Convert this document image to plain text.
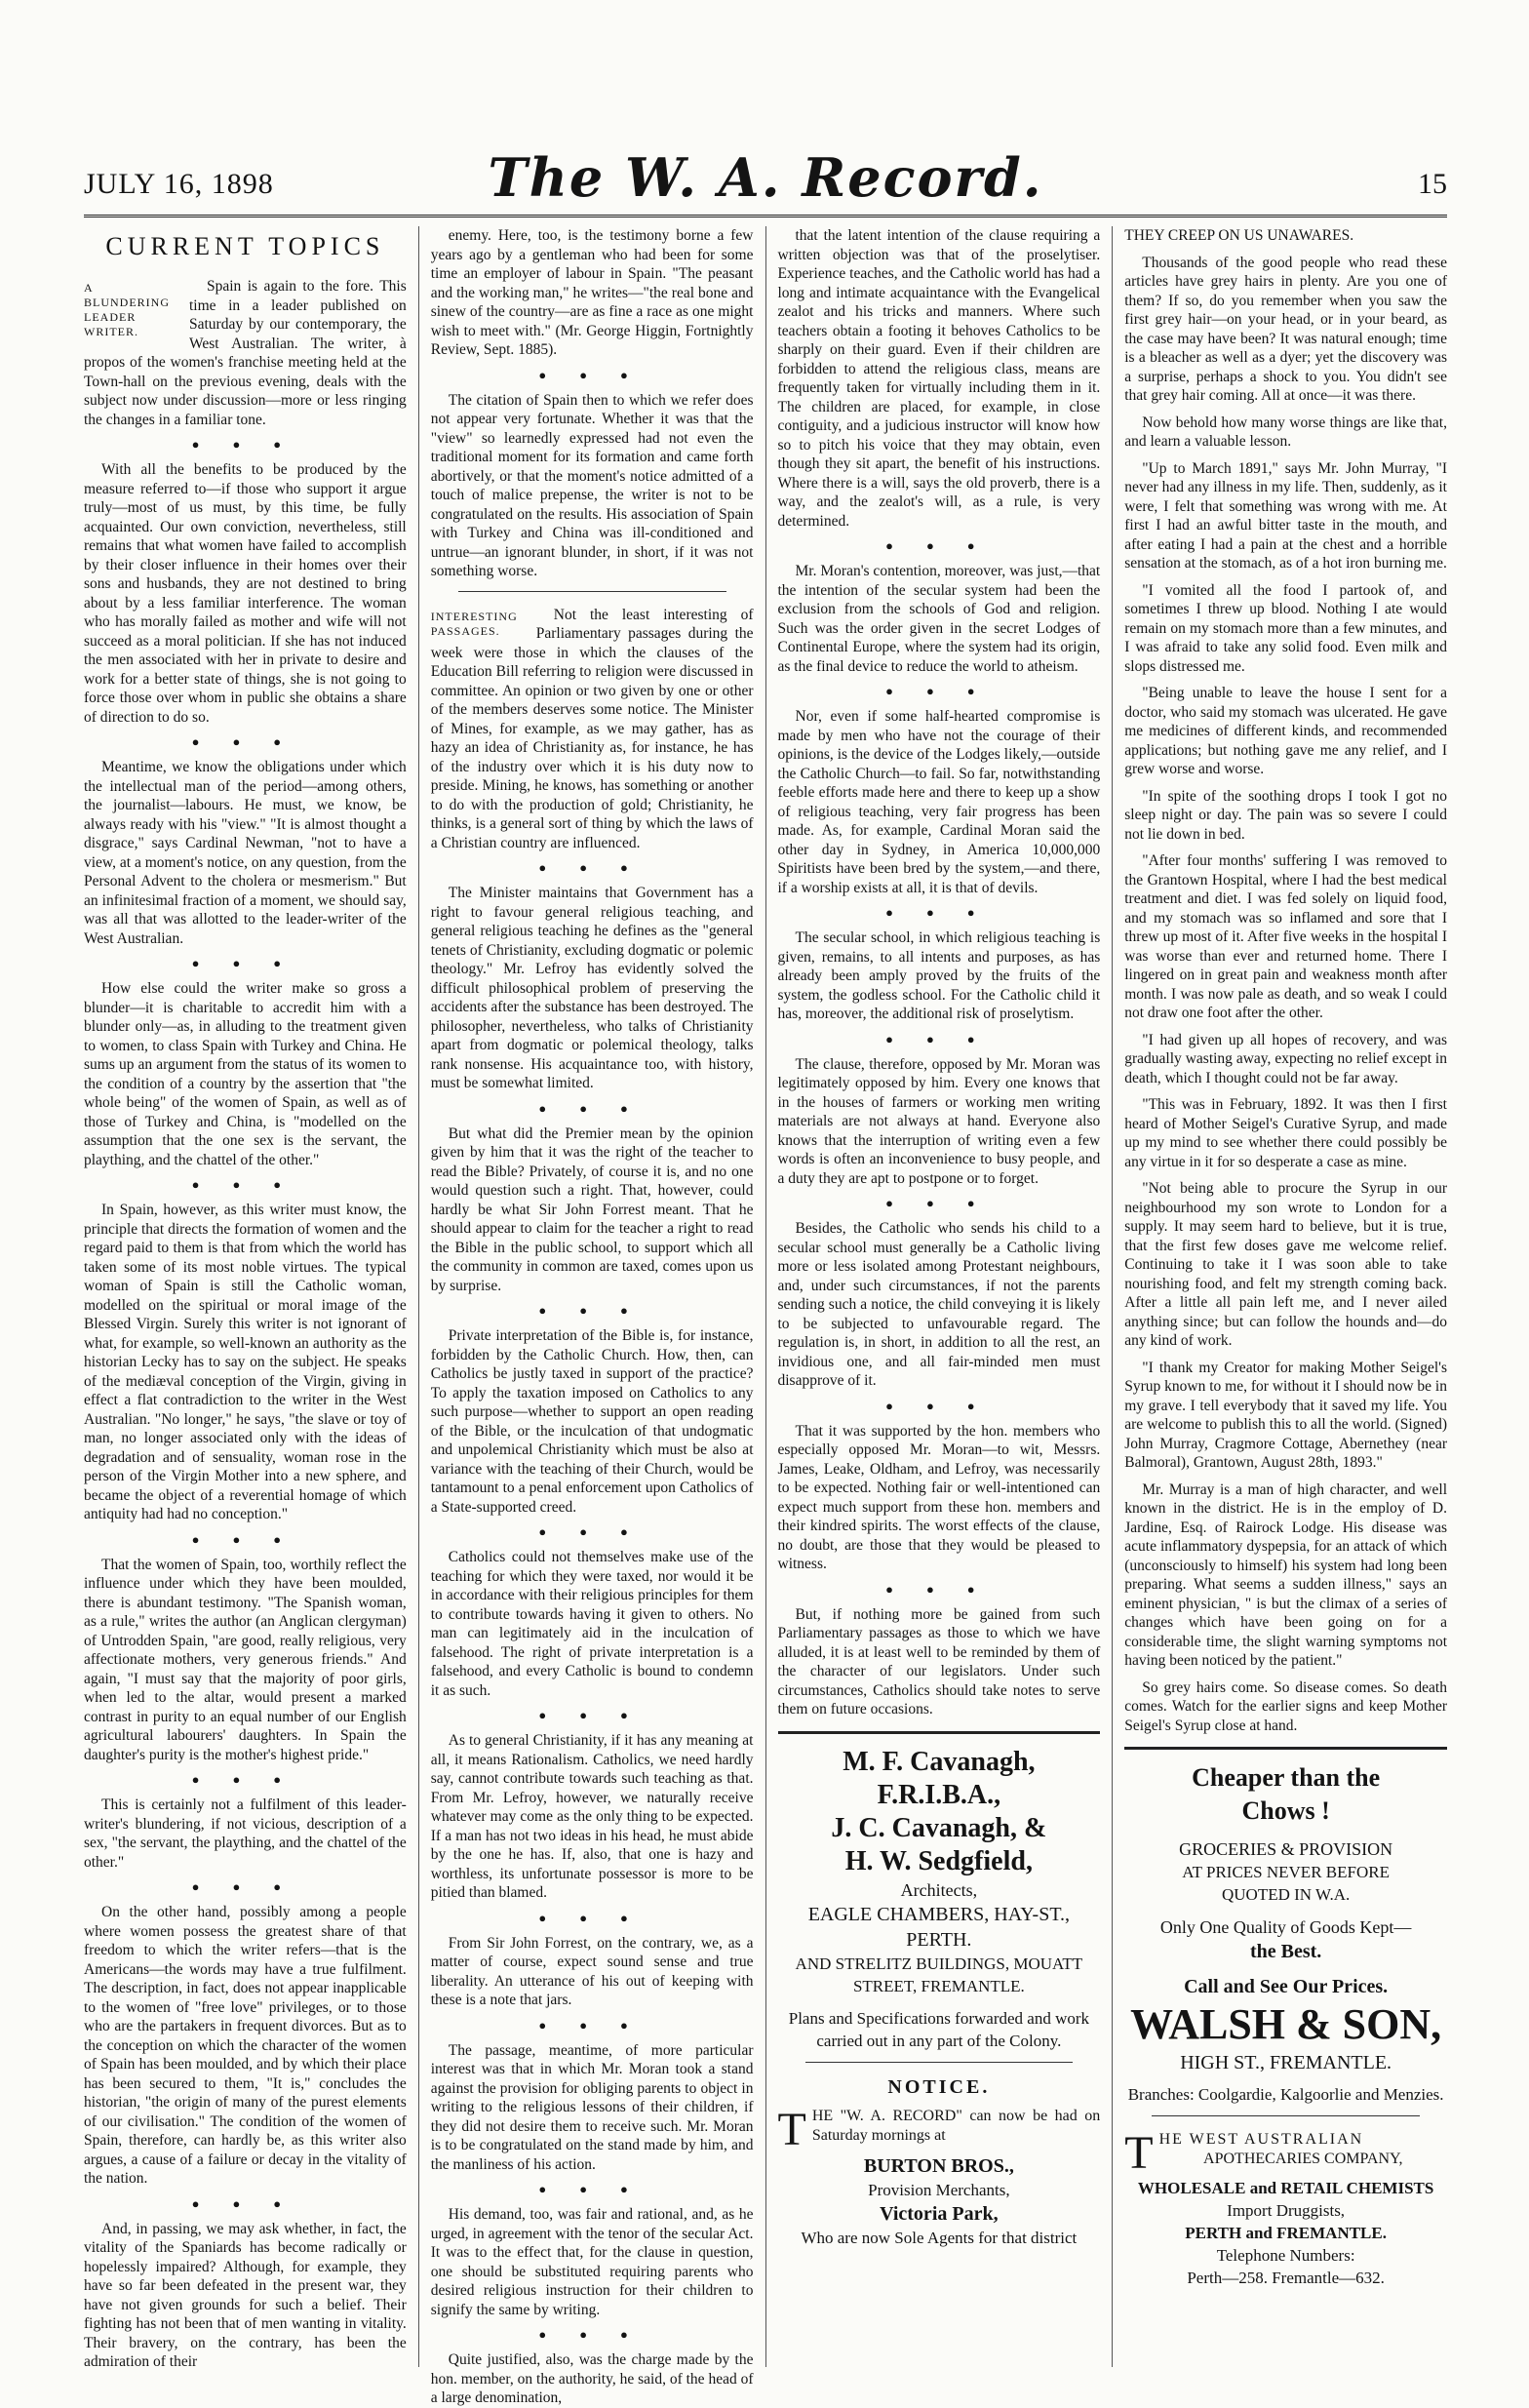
JULY 16, 1898	The W. A. Record.	15
CURRENT TOPICS
A BLUNDERING LEADER WRITER.

Spain is again to the fore. This time in a leader published on Saturday by our contemporary, the West Australian. The writer, à propos of the women's franchise meeting held at the Town-hall on the previous evening, deals with the subject now under discussion—more or less ringing the changes in a familiar tone.

●●●

With all the benefits to be produced by the measure referred to—if those who support it argue truly—most of us must, by this time, be fully acquainted. Our own conviction, nevertheless, still remains that what women have failed to accomplish by their closer influence in their homes over their sons and husbands, they are not destined to bring about by a less familiar interference. The woman who has morally failed as mother and wife will not succeed as a moral politician. If she has not induced the men associated with her in private to desire and work for a better state of things, she is not going to force those over whom in public she obtains a share of direction to do so.

●●●

Meantime, we know the obligations under which the intellectual man of the period—among others, the journalist—labours. He must, we know, be always ready with his "view." "It is almost thought a disgrace," says Cardinal Newman, "not to have a view, at a moment's notice, on any question, from the Personal Advent to the cholera or mesmerism." But an infinitesimal fraction of a moment, we should say, was all that was allotted to the leader-writer of the West Australian.

●●●

How else could the writer make so gross a blunder—it is charitable to accredit him with a blunder only—as, in alluding to the treatment given to women, to class Spain with Turkey and China. He sums up an argument from the status of its women to the condition of a country by the assertion that "the whole being" of the women of Spain, as well as of those of Turkey and China, is "modelled on the assumption that the one sex is the servant, the plaything, and the chattel of the other."

●●●

In Spain, however, as this writer must know, the principle that directs the formation of women and the regard paid to them is that from which the world has taken some of its most noble virtues. The typical woman of Spain is still the Catholic woman, modelled on the spiritual or moral image of the Blessed Virgin. Surely this writer is not ignorant of what, for example, so well-known an authority as the historian Lecky has to say on the subject. He speaks of the mediæval conception of the Virgin, giving in effect a flat contradiction to the writer in the West Australian. "No longer," he says, "the slave or toy of man, no longer associated only with the ideas of degradation and of sensuality, woman rose in the person of the Virgin Mother into a new sphere, and became the object of a reverential homage of which antiquity had had no conception."

●●●

That the women of Spain, too, worthily reflect the influence under which they have been moulded, there is abundant testimony. "The Spanish woman, as a rule," writes the author (an Anglican clergyman) of Untrodden Spain, "are good, really religious, very affectionate mothers, very generous friends." And again, "I must say that the majority of poor girls, when led to the altar, would present a marked contrast in purity to an equal number of our English agricultural labourers' daughters. In Spain the daughter's purity is the mother's highest pride."

●●●

This is certainly not a fulfilment of this leader-writer's blundering, if not vicious, description of a sex, "the servant, the plaything, and the chattel of the other."

●●●

On the other hand, possibly among a people where women possess the greatest share of that freedom to which the writer refers—that is the Americans—the words may have a true fulfilment. The description, in fact, does not appear inapplicable to the women of "free love" privileges, or to those who are the partakers in frequent divorces. But as to the conception on which the character of the women of Spain has been moulded, and by which their place has been secured to them, "It is," concludes the historian, "the origin of many of the purest elements of our civilisation." The condition of the women of Spain, therefore, can hardly be, as this writer also argues, a cause of a failure or decay in the vitality of the nation.

●●●

And, in passing, we may ask whether, in fact, the vitality of the Spaniards has become radically or hopelessly impaired? Although, for example, they have so far been defeated in the present war, they have not given grounds for such a belief. Their fighting has not been that of men wanting in vitality. Their bravery, on the contrary, has been the admiration of their

enemy. Here, too, is the testimony borne a few years ago by a gentleman who had been for some time an employer of labour in Spain. "The peasant and the working man," he writes—"the real bone and sinew of the country—are as fine a race as one might wish to meet with." (Mr. George Higgin, Fortnightly Review, Sept. 1885).

●●●

The citation of Spain then to which we refer does not appear very fortunate. Whether it was that the "view" so learnedly expressed had not even the traditional moment for its formation and came forth abortively, or that the moment's notice admitted of a touch of malice prepense, the writer is not to be congratulated on the results. His association of Spain with Turkey and China was ill-conditioned and untrue—an ignorant blunder, in short, if it was not something worse.

INTERESTING PASSAGES.

Not the least interesting of Parliamentary passages during the week were those in which the clauses of the Education Bill referring to religion were discussed in committee. An opinion or two given by one or other of the members deserves some notice. The Minister of Mines, for example, as we may gather, has as hazy an idea of Christianity as, for instance, he has of the industry over which it is his duty now to preside. Mining, he knows, has something or another to do with the production of gold; Christianity, he thinks, is a general sort of thing by which the laws of a Christian country are influenced.

●●●

The Minister maintains that Government has a right to favour general religious teaching, and general religious teaching he defines as the "general tenets of Christianity, excluding dogmatic or polemic theology." Mr. Lefroy has evidently solved the difficult philosophical problem of preserving the accidents after the substance has been destroyed. The philosopher, nevertheless, who talks of Christianity apart from dogmatic or polemical theology, talks rank nonsense. His acquaintance too, with history, must be somewhat limited.

●●●

But what did the Premier mean by the opinion given by him that it was the right of the teacher to read the Bible? Privately, of course it is, and no one would question such a right. That, however, could hardly be what Sir John Forrest meant. That he should appear to claim for the teacher a right to read the Bible in the public school, to support which all the community in common are taxed, comes upon us by surprise.

●●●

Private interpretation of the Bible is, for instance, forbidden by the Catholic Church. How, then, can Catholics be justly taxed in support of the practice? To apply the taxation imposed on Catholics to any such purpose—whether to support an open reading of the Bible, or the inculcation of that undogmatic and unpolemical Christianity which must be also at variance with the teaching of their Church, would be tantamount to a penal enforcement upon Catholics of a State-supported creed.

●●●

Catholics could not themselves make use of the teaching for which they were taxed, nor would it be in accordance with their religious principles for them to contribute towards having it given to others. No man can legitimately aid in the inculcation of falsehood. The right of private interpretation is a falsehood, and every Catholic is bound to condemn it as such.

●●●

As to general Christianity, if it has any meaning at all, it means Rationalism. Catholics, we need hardly say, cannot contribute towards such teaching as that. From Mr. Lefroy, however, we naturally receive whatever may come as the only thing to be expected. If a man has not two ideas in his head, he must abide by the one he has. If, also, that one is hazy and worthless, its unfortunate possessor is more to be pitied than blamed.

●●●

From Sir John Forrest, on the contrary, we, as a matter of course, expect sound sense and true liberality. An utterance of his out of keeping with these is a note that jars.

●●●

The passage, meantime, of more particular interest was that in which Mr. Moran took a stand against the provision for obliging parents to object in writing to the religious lessons of their children, if they did not desire them to receive such. Mr. Moran is to be congratulated on the stand made by him, and the manliness of his action.

●●●

His demand, too, was fair and rational, and, as he urged, in agreement with the tenor of the secular Act. It was to the effect that, for the clause in question, one should be substituted requiring parents who desired religious instruction for their children to signify the same by writing.

●●●

Quite justified, also, was the charge made by the hon. member, on the authority, he said, of the head of a large denomination,

that the latent intention of the clause requiring a written objection was that of the proselytiser. Experience teaches, and the Catholic world has had a long and intimate acquaintance with the Evangelical zealot and his tricks and manners. Where such teachers obtain a footing it behoves Catholics to be sharply on their guard. Even if their children are forbidden to attend the religious class, means are frequently taken for virtually including them in it. The children are placed, for example, in close contiguity, and a judicious instructor will know how so to pitch his voice that they may obtain, even though they sit apart, the benefit of his instructions. Where there is a will, says the old proverb, there is a way, and the zealot's will, as a rule, is very determined.

●●●

Mr. Moran's contention, moreover, was just,—that the intention of the secular system had been the exclusion from the schools of God and religion. Such was the order given in the secret Lodges of Continental Europe, where the system had its origin, as the final device to reduce the world to atheism.

●●●

Nor, even if some half-hearted compromise is made by men who have not the courage of their opinions, is the device of the Lodges likely,—outside the Catholic Church—to fail. So far, notwithstanding feeble efforts made here and there to keep up a show of religious teaching, very fair progress has been made. As, for example, Cardinal Moran said the other day in Sydney, in America 10,000,000 Spiritists have been bred by the system,—and there, if a worship exists at all, it is that of devils.

●●●

The secular school, in which religious teaching is given, remains, to all intents and purposes, as has already been amply proved by the fruits of the system, the godless school. For the Catholic child it has, moreover, the additional risk of proselytism.

●●●

The clause, therefore, opposed by Mr. Moran was legitimately opposed by him. Every one knows that in the houses of farmers or working men writing materials are not always at hand. Everyone also knows that the interruption of writing even a few words is often an inconvenience to busy people, and a duty they are apt to postpone or to forget.

●●●

Besides, the Catholic who sends his child to a secular school must generally be a Catholic living more or less isolated among Protestant neighbours, and, under such circumstances, if not the parents sending such a notice, the child conveying it is likely to be subjected to unfavourable regard. The regulation is, in short, in addition to all the rest, an invidious one, and all fair-minded men must disapprove of it.

●●●

That it was supported by the hon. members who especially opposed Mr. Moran—to wit, Messrs. James, Leake, Oldham, and Lefroy, was necessarily to be expected. Nothing fair or well-intentioned can expect much support from these hon. members and their kindred spirits. The worst effects of the clause, no doubt, are those that they would be pleased to witness.

●●●

But, if nothing more be gained from such Parliamentary passages as those to which we have alluded, it is at least well to be reminded by them of the character of our legislators. Under such circumstances, Catholics should take notes to serve them on future occasions.

M. F. Cavanagh, F.R.I.B.A.,
J. C. Cavanagh, &
H. W. Sedgfield,
Architects,
EAGLE CHAMBERS, HAY-ST.,
PERTH.
AND STRELITZ BUILDINGS, MOUATT STREET, FREMANTLE.
Plans and Specifications forwarded and work carried out in any part of the Colony.
NOTICE.
T HE "W. A. RECORD" can now be had on Saturday mornings at
BURTON BROS.,
Provision Merchants,
Victoria Park,
Who are now Sole Agents for that district
THEY CREEP ON US UNAWARES.

Thousands of the good people who read these articles have grey hairs in plenty. Are you one of them? If so, do you remember when you saw the first grey hair—on your head, or in your beard, as the case may have been? It was natural enough; time is a bleacher as well as a dyer; yet the discovery was a surprise, perhaps a shock to you. You didn't see that grey hair coming. All at once—it was there.

Now behold how many worse things are like that, and learn a valuable lesson.

"Up to March 1891," says Mr. John Murray, "I never had any illness in my life. Then, suddenly, as it were, I felt that something was wrong with me. At first I had an awful bitter taste in the mouth, and after eating I had a pain at the chest and a horrible sensation at the stomach, as of a hot iron burning me.

"I vomited all the food I partook of, and sometimes I threw up blood. Nothing I ate would remain on my stomach more than a few minutes, and I was afraid to take any solid food. Even milk and slops distressed me.

"Being unable to leave the house I sent for a doctor, who said my stomach was ulcerated. He gave me medicines of different kinds, and recommended applications; but nothing gave me any relief, and I grew worse and worse.

"In spite of the soothing drops I took I got no sleep night or day. The pain was so severe I could not lie down in bed.

"After four months' suffering I was removed to the Grantown Hospital, where I had the best medical treatment and diet. I was fed solely on liquid food, and my stomach was so inflamed and sore that I threw up most of it. After five weeks in the hospital I was worse than ever and returned home. There I lingered on in great pain and weakness month after month. I was now pale as death, and so weak I could not draw one foot after the other.

"I had given up all hopes of recovery, and was gradually wasting away, expecting no relief except in death, which I thought could not be far away.

"This was in February, 1892. It was then I first heard of Mother Seigel's Curative Syrup, and made up my mind to see whether there could possibly be any virtue in it for so desperate a case as mine.

"Not being able to procure the Syrup in our neighbourhood my son wrote to London for a supply. It may seem hard to believe, but it is true, that the first few doses gave me welcome relief. Continuing to take it I was soon able to take nourishing food, and felt my strength coming back. After a little all pain left me, and I never ailed anything since; but can follow the hounds and—do any kind of work.

"I thank my Creator for making Mother Seigel's Syrup known to me, for without it I should now be in my grave. I tell everybody that it saved my life. You are welcome to publish this to all the world. (Signed) John Murray, Cragmore Cottage, Abernethey (near Balmoral), Grantown, August 28th, 1893."

Mr. Murray is a man of high character, and well known in the district. He is in the employ of D. Jardine, Esq. of Rairock Lodge. His disease was acute inflammatory dyspepsia, for an attack of which (unconsciously to himself) his system had long been preparing. What seems a sudden illness," says an eminent physician, " is but the climax of a series of changes which have been going on for a considerable time, the slight warning symptoms not having been noticed by the patient."

So grey hairs come. So disease comes. So death comes. Watch for the earlier signs and keep Mother Seigel's Syrup close at hand.

Cheaper than the
Chows !
GROCERIES & PROVISION
AT PRICES NEVER BEFORE
QUOTED IN W.A.
Only One Quality of Goods Kept—
the Best.
Call and See Our Prices.
WALSH & SON,
HIGH ST., FREMANTLE.
Branches: Coolgardie, Kalgoorlie and Menzies.
T HE WEST AUSTRALIAN
APOTHECARIES COMPANY,
WHOLESALE and RETAIL CHEMISTS
Import Druggists,
PERTH and FREMANTLE.
Telephone Numbers:
Perth—258. Fremantle—632.
